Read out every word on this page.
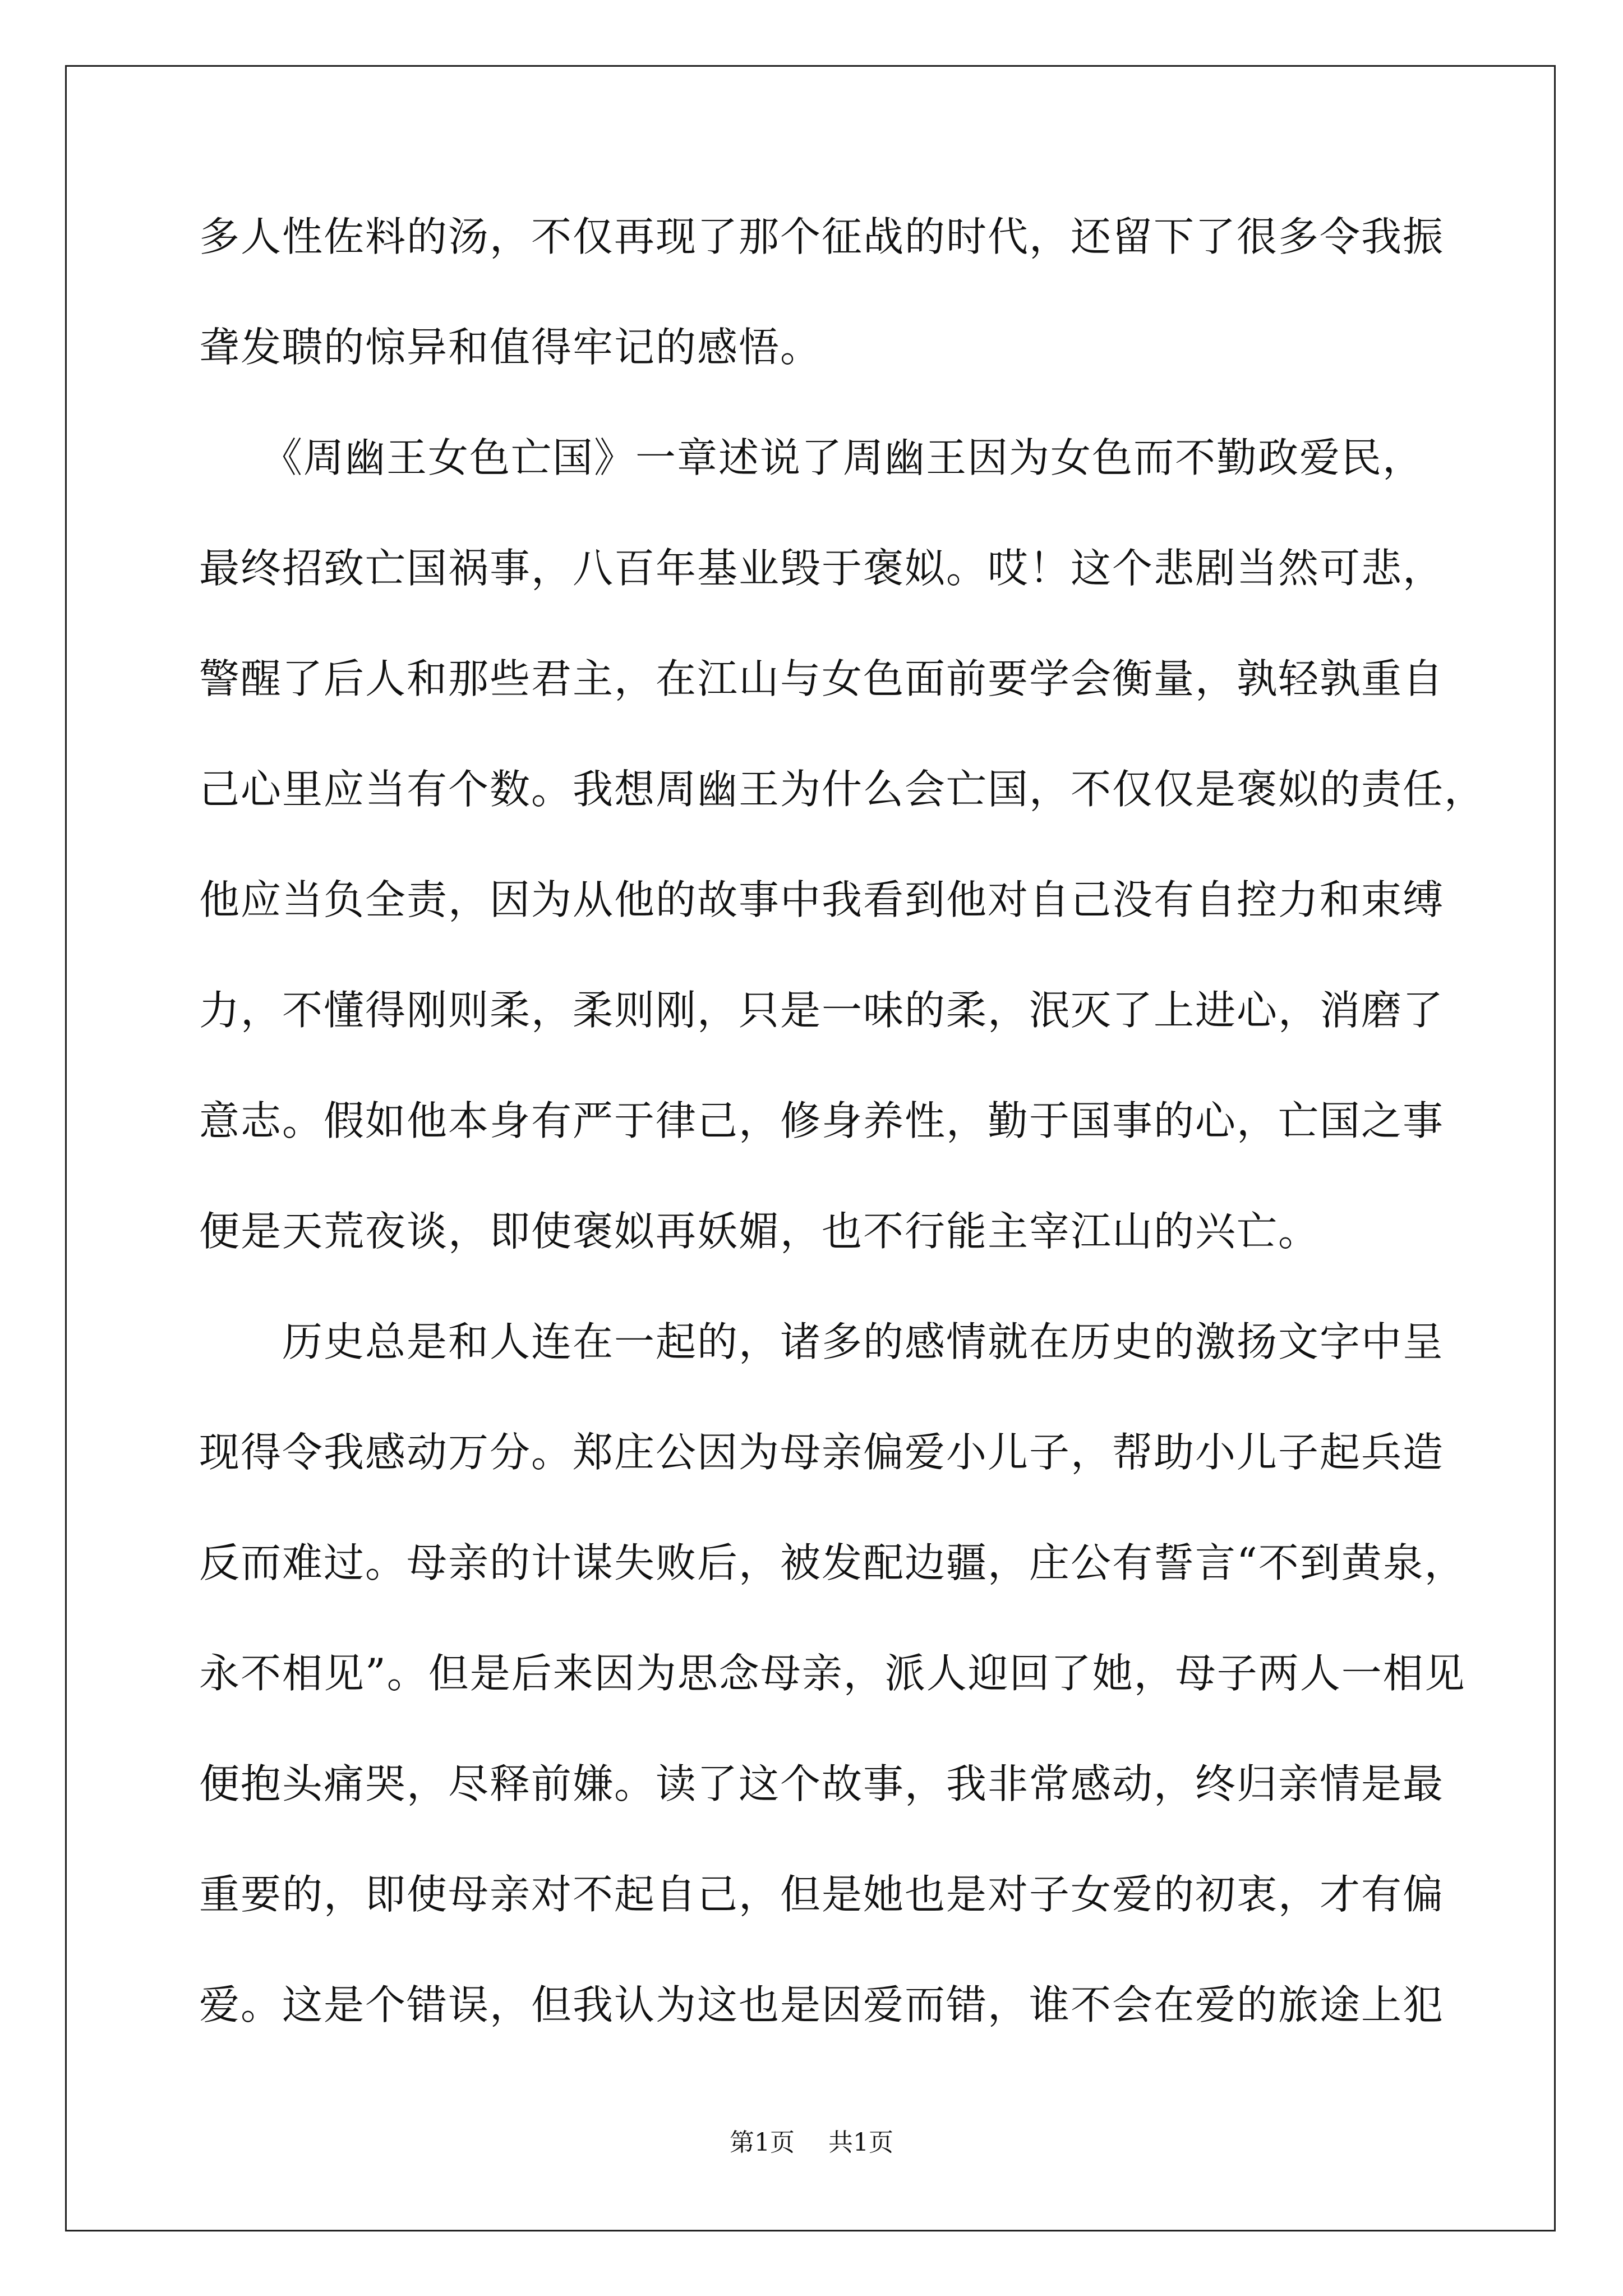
多人性佐料的汤，不仅再现了那个征战的时代，还留下了很多令我振
聋发聩的惊异和值得牢记的感悟。
　　《周幽王女色亡国》一章述说了周幽王因为女色而不勤政爱民，
最终招致亡国祸事，八百年基业毁于褒姒。哎！这个悲剧当然可悲，
警醒了后人和那些君主，在江山与女色面前要学会衡量，孰轻孰重自
己心里应当有个数。我想周幽王为什么会亡国，不仅仅是褒姒的责任，
他应当负全责，因为从他的故事中我看到他对自己没有自控力和束缚
力，不懂得刚则柔，柔则刚，只是一味的柔，泯灭了上进心，消磨了
意志。假如他本身有严于律己，修身养性，勤于国事的心，亡国之事
便是天荒夜谈，即使褒姒再妖媚，也不行能主宰江山的兴亡。
　　历史总是和人连在一起的，诸多的感情就在历史的激扬文字中呈
现得令我感动万分。郑庄公因为母亲偏爱小儿子，帮助小儿子起兵造
反而难过。母亲的计谋失败后，被发配边疆，庄公有誓言“不到黄泉，
永不相见”。但是后来因为思念母亲，派人迎回了她，母子两人一相见
便抱头痛哭，尽释前嫌。读了这个故事，我非常感动，终归亲情是最
重要的，即使母亲对不起自己，但是她也是对子女爱的初衷，才有偏
爱。这是个错误，但我认为这也是因爱而错，谁不会在爱的旅途上犯
第1页 共1页
